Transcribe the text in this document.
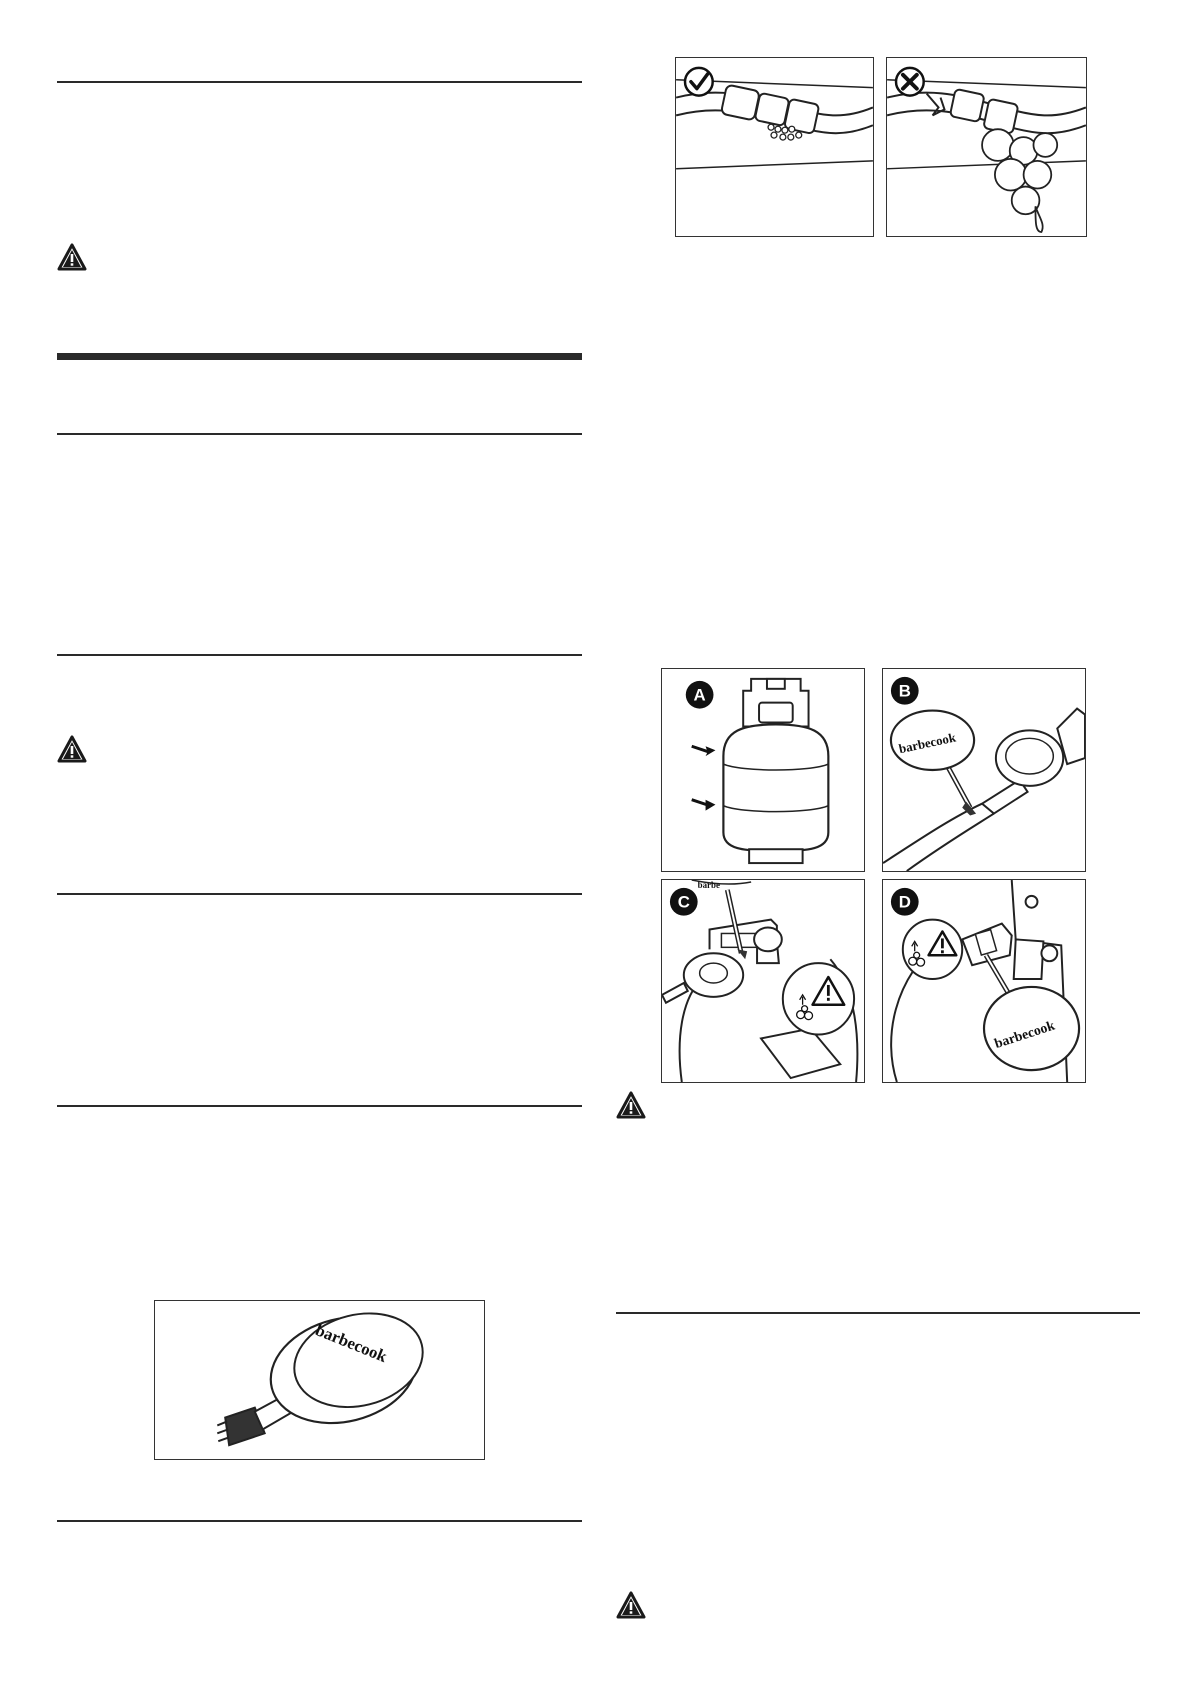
barbecook
A
barbecook
B
barbe
C
barbecook
D
